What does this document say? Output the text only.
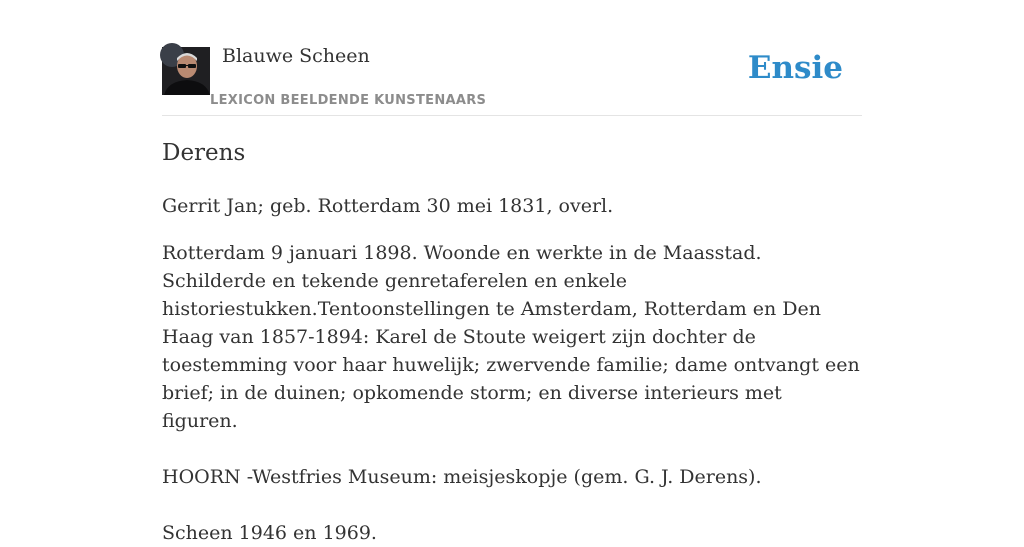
Blauwe Scheen
LEXICON BEELDENDE KUNSTENAARS
Ensie
Derens

Gerrit Jan; geb. Rotterdam 30 mei 1831, overl.

Rotterdam 9 januari 1898. Woonde en werkte in de Maasstad. Schilderde en tekende genretaferelen en enkele historiestukken.Tentoonstellingen te Amsterdam, Rotterdam en Den Haag van 1857-1894: Karel de Stoute weigert zijn dochter de toestemming voor haar huwelijk; zwervende familie; dame ontvangt een brief; in de duinen; opkomende storm; en diverse interieurs met figuren.

HOORN -Westfries Museum: meisjeskopje (gem. G. J. Derens).

Scheen 1946 en 1969.
